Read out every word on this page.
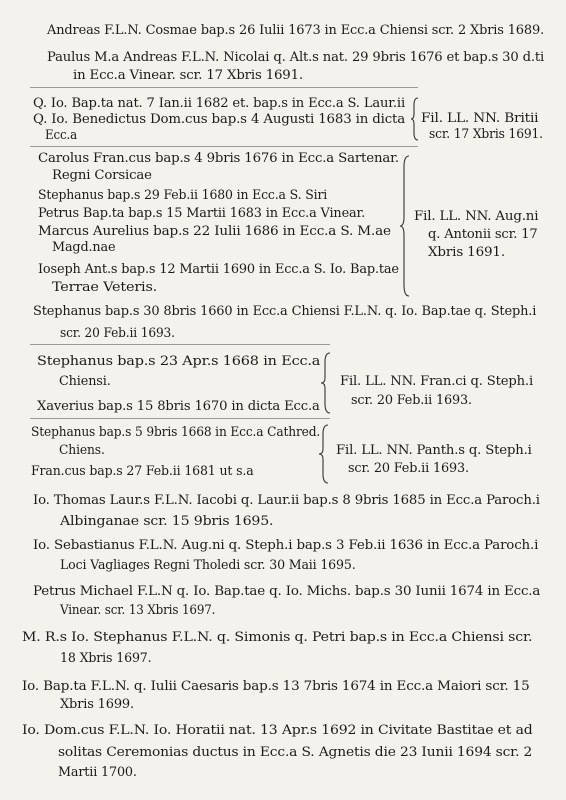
Andreas F.L.N. Cosmae bap.s 26 Iulii 1673 in Ecc.a Chiensi scr. 2 Xbris 1689.
Paulus M.a Andreas F.L.N. Nicolai q. Alt.s nat. 29 9bris 1676 et bap.s 30 d.ti
in Ecc.a Vinear. scr. 17 Xbris 1691.
Q. Io. Bap.ta nat. 7 Ian.ii 1682 et. bap.s in Ecc.a S. Laur.ii
Q. Io. Benedictus Dom.cus bap.s 4 Augusti 1683 in dicta
Ecc.a
Fil. LL. NN. Britii
scr. 17 Xbris 1691.
Carolus Fran.cus bap.s 4 9bris 1676 in Ecc.a Sartenar.
Regni Corsicae
Stephanus bap.s 29 Feb.ii 1680 in Ecc.a S. Siri
Petrus Bap.ta bap.s 15 Martii 1683 in Ecc.a Vinear.
Marcus Aurelius bap.s 22 Iulii 1686 in Ecc.a S. M.ae
Magd.nae
Ioseph Ant.s bap.s 12 Martii 1690 in Ecc.a S. Io. Bap.tae
Terrae Veteris.
Fil. LL. NN. Aug.ni
q. Antonii scr. 17
Xbris 1691.
Stephanus bap.s 30 8bris 1660 in Ecc.a Chiensi F.L.N. q. Io. Bap.tae q. Steph.i
scr. 20 Feb.ii 1693.
Stephanus bap.s 23 Apr.s 1668 in Ecc.a
Chiensi.
Xaverius bap.s 15 8bris 1670 in dicta Ecc.a
Fil. LL. NN. Fran.ci q. Steph.i
scr. 20 Feb.ii 1693.
Stephanus bap.s 5 9bris 1668 in Ecc.a Cathred.
Chiens.
Fran.cus bap.s 27 Feb.ii 1681 ut s.a
Fil. LL. NN. Panth.s q. Steph.i
scr. 20 Feb.ii 1693.
Io. Thomas Laur.s F.L.N. Iacobi q. Laur.ii bap.s 8 9bris 1685 in Ecc.a Paroch.i
Albinganae scr. 15 9bris 1695.
Io. Sebastianus F.L.N. Aug.ni q. Steph.i bap.s 3 Feb.ii 1636 in Ecc.a Paroch.i
Loci Vagliages Regni Tholedi scr. 30 Maii 1695.
Petrus Michael F.L.N q. Io. Bap.tae q. Io. Michs. bap.s 30 Iunii 1674 in Ecc.a
Vinear. scr. 13 Xbris 1697.
M. R.s Io. Stephanus F.L.N. q. Simonis q. Petri bap.s in Ecc.a Chiensi scr.
18 Xbris 1697.
Io. Bap.ta F.L.N. q. Iulii Caesaris bap.s 13 7bris 1674 in Ecc.a Maiori scr. 15
Xbris 1699.
Io. Dom.cus F.L.N. Io. Horatii nat. 13 Apr.s 1692 in Civitate Bastitae et ad
solitas Ceremonias ductus in Ecc.a S. Agnetis die 23 Iunii 1694 scr. 2
Martii 1700.
